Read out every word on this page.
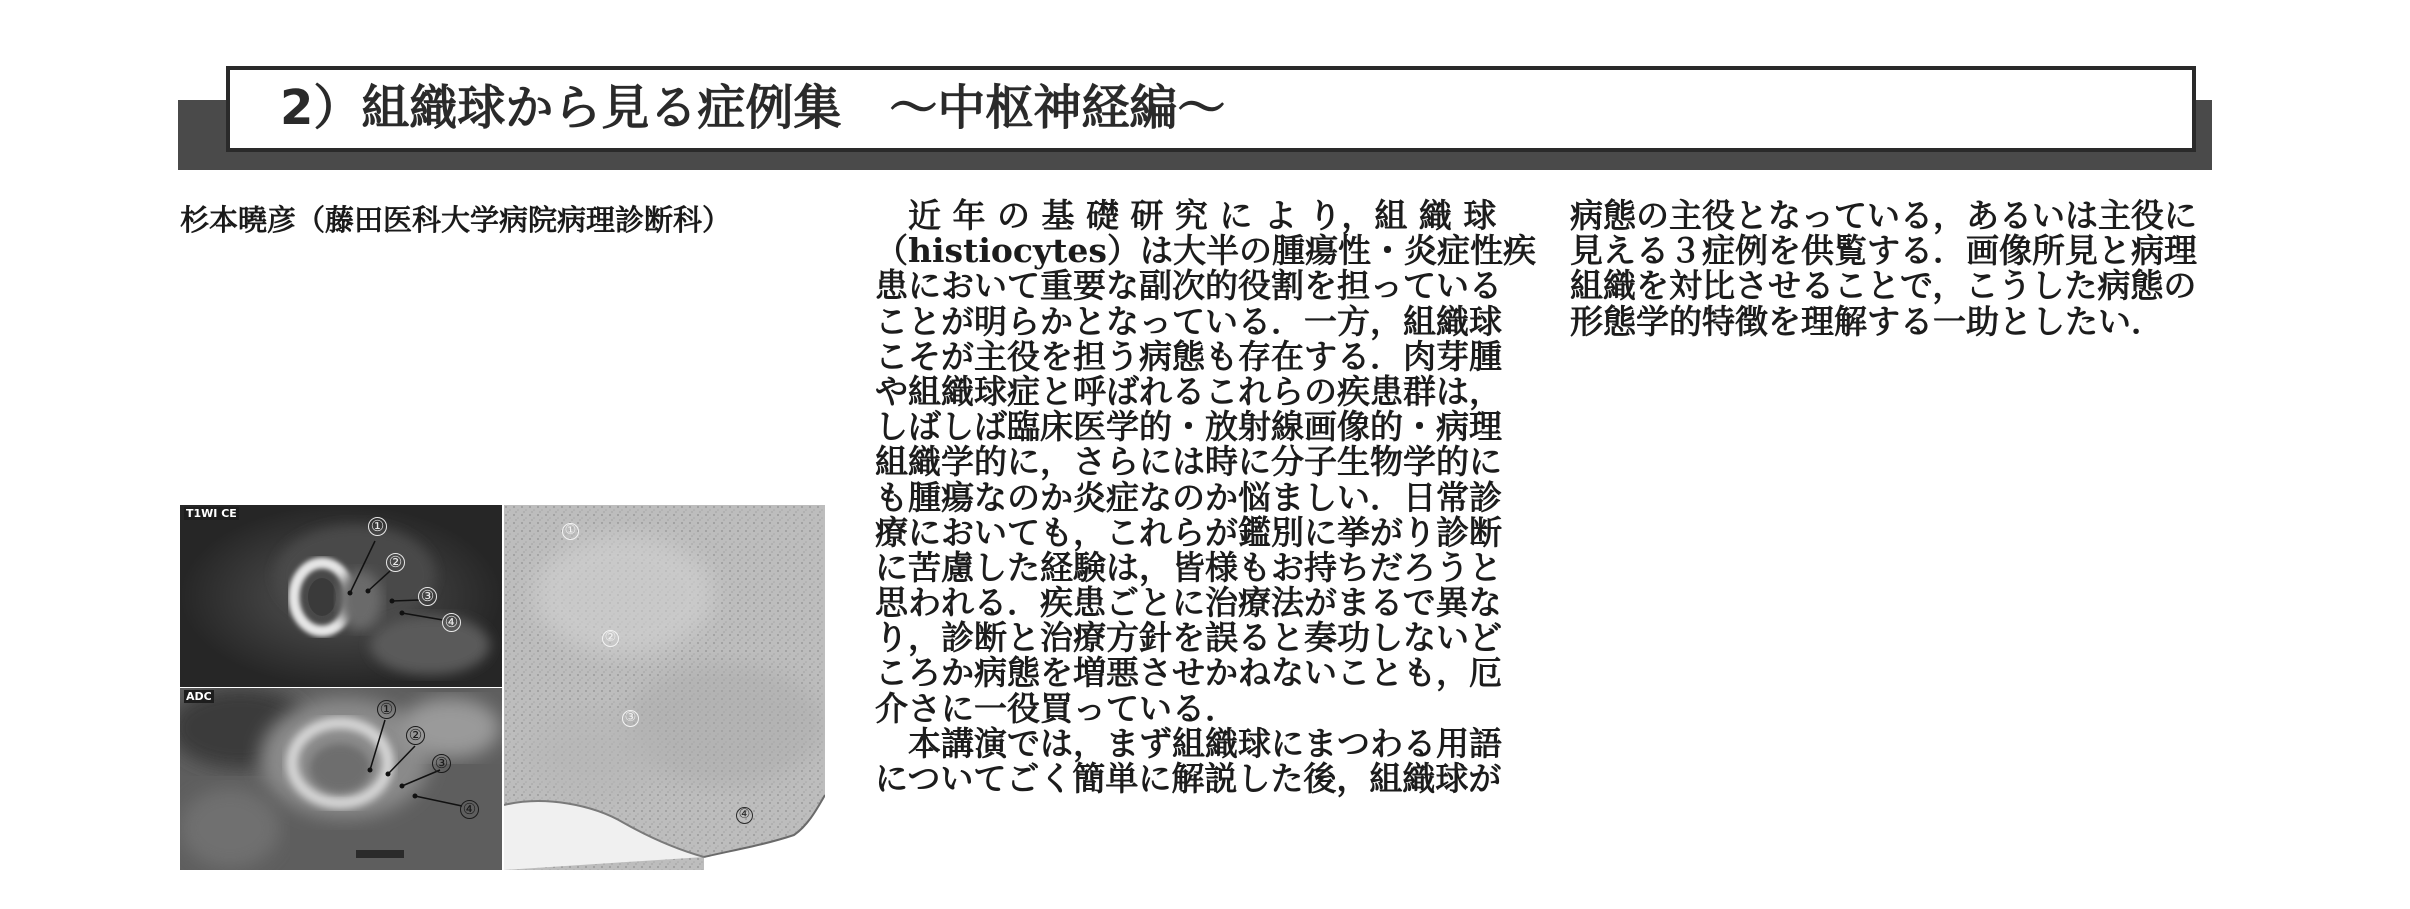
2）組織球から見る症例集　～中枢神経編～
杉本曉彦（藤田医科大学病院病理診断科）	　近 年 の 基 礎 研 究 に よ り，組 織 球
（histiocytes）は大半の腫瘍性・炎症性疾
患において重要な副次的役割を担っている
ことが明らかとなっている．一方，組織球
こそが主役を担う病態も存在する．肉芽腫
や組織球症と呼ばれるこれらの疾患群は，
しばしば臨床医学的・放射線画像的・病理
組織学的に，さらには時に分子生物学的に
も腫瘍なのか炎症なのか悩ましい．日常診
療においても，これらが鑑別に挙がり診断
に苦慮した経験は，皆様もお持ちだろうと
思われる．疾患ごとに治療法がまるで異な
り，診断と治療方針を誤ると奏功しないど
ころか病態を増悪させかねないことも，厄
介さに一役買っている．
　本講演では，まず組織球にまつわる用語
についてごく簡単に解説した後，組織球が
病態の主役となっている，あるいは主役に
見える３症例を供覧する．画像所見と病理
組織を対比させることで，こうした病態の
形態学的特徴を理解する一助としたい．
T1WI CE
①
②
③
④
ADC
①
②
③
④
①
②
③
④
